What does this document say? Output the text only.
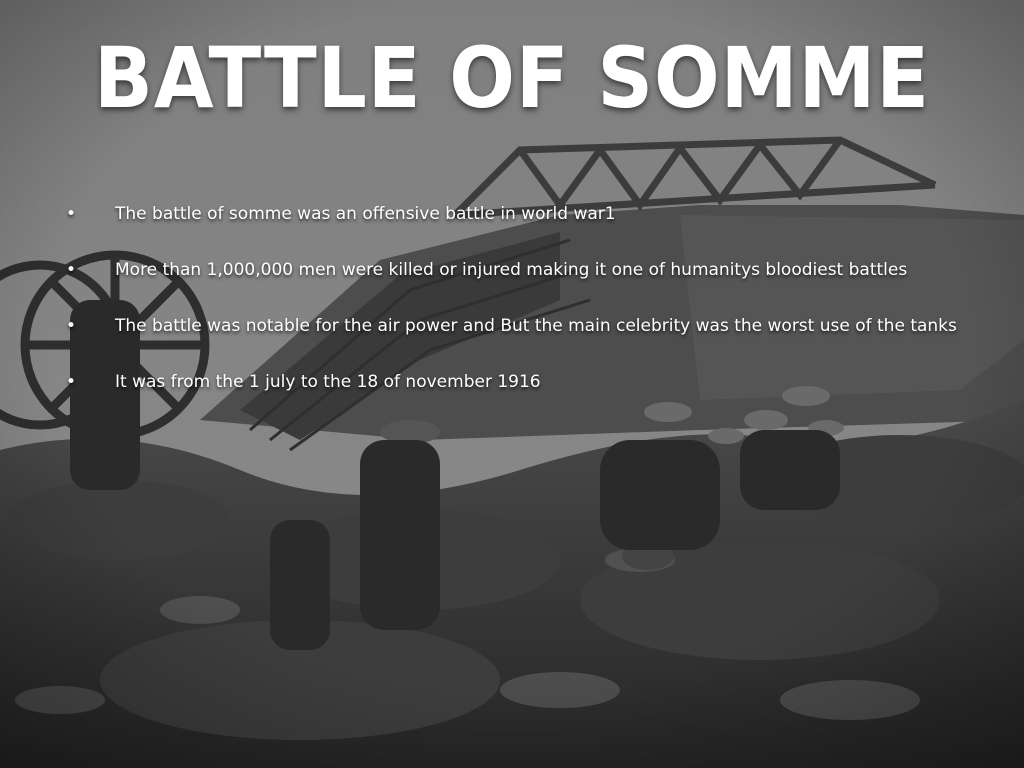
BATTLE OF SOMME
• The battle of somme was an offensive battle in world war1
• More than 1,000,000 men were killed or injured making it one of humanitys bloodiest battles
• The battle was notable for the air power and But the main celebrity was the worst use of the tanks
• It was from the 1 july to the 18 of november 1916
